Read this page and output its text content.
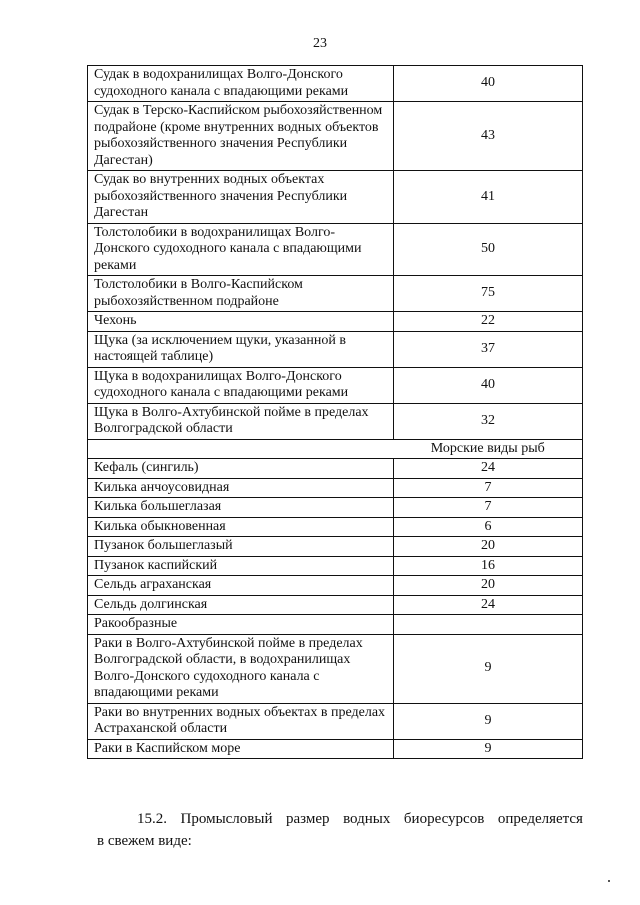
23
Судак в водохранилищах Волго-Донского судоходного канала с впадающими реками	40
Судак в Терско-Каспийском рыбохозяйственном подрайоне (кроме внутренних водных объектов рыбохозяйственного значения Республики Дагестан)	43
Судак во внутренних водных объектах рыбохозяйственного значения Республики Дагестан	41
Толстолобики в водохранилищах Волго-Донского судоходного канала с впадающими реками	50
Толстолобики в Волго-Каспийском рыбохозяйственном подрайоне	75
Чехонь	22
Щука (за исключением щуки, указанной в настоящей таблице)	37
Щука в водохранилищах Волго-Донского судоходного канала с впадающими реками	40
Щука в Волго-Ахтубинской пойме в пределах Волгоградской области	32
	Морские виды рыб
Кефаль (сингиль)	24
Килька анчоусовидная	7
Килька большеглазая	7
Килька обыкновенная	6
Пузанок большеглазый	20
Пузанок каспийский	16
Сельдь аграханская	20
Сельдь долгинская	24
Ракообразные	
Раки в Волго-Ахтубинской пойме в пределах Волгоградской области, в водохранилищах Волго-Донского судоходного канала с впадающими реками	9
Раки во внутренних водных объектах в пределах Астраханской области	9
Раки в Каспийском море	9
15.2. Промысловый размер водных биоресурсов определяется
в свежем виде:
